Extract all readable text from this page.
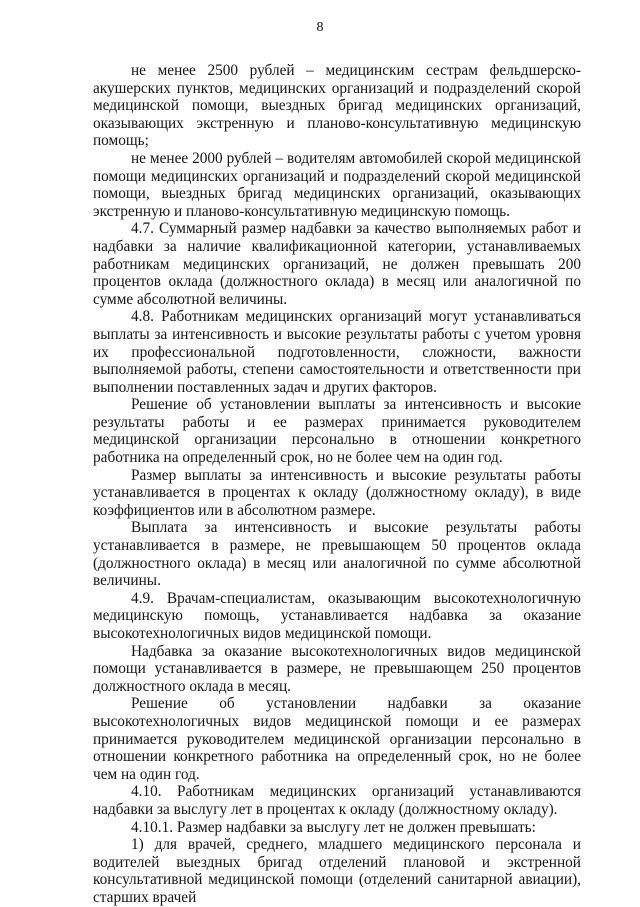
8

не менее 2500 рублей – медицинским сестрам фельдшерско-акушерских пунктов, медицинских организаций и подразделений скорой медицинской помощи, выездных бригад медицинских организаций, оказывающих экстренную и планово-консультативную медицинскую помощь;

не менее 2000 рублей – водителям автомобилей скорой медицинской помощи медицинских организаций и подразделений скорой медицинской помощи, выездных бригад медицинских организаций, оказывающих экстренную и планово-консультативную медицинскую помощь.

4.7. Суммарный размер надбавки за качество выполняемых работ и надбавки за наличие квалификационной категории, устанавливаемых работникам медицинских организаций, не должен превышать 200 процентов оклада (должностного оклада) в месяц или аналогичной по сумме абсолютной величины.

4.8. Работникам медицинских организаций могут устанавливаться выплаты за интенсивность и высокие результаты работы с учетом уровня их профессиональной подготовленности, сложности, важности выполняемой работы, степени самостоятельности и ответственности при выполнении поставленных задач и других факторов.

Решение об установлении выплаты за интенсивность и высокие результаты работы и ее размерах принимается руководителем медицинской организации персонально в отношении конкретного работника на определенный срок, но не более чем на один год.

Размер выплаты за интенсивность и высокие результаты работы устанавливается в процентах к окладу (должностному окладу), в виде коэффициентов или в абсолютном размере.

Выплата за интенсивность и высокие результаты работы устанавливается в размере, не превышающем 50 процентов оклада (должностного оклада) в месяц или аналогичной по сумме абсолютной величины.

4.9. Врачам-специалистам, оказывающим высокотехнологичную медицинскую помощь, устанавливается надбавка за оказание высокотехнологичных видов медицинской помощи.

Надбавка за оказание высокотехнологичных видов медицинской помощи устанавливается в размере, не превышающем 250 процентов должностного оклада в месяц.

Решение об установлении надбавки за оказание высокотехнологичных видов медицинской помощи и ее размерах принимается руководителем медицинской организации персонально в отношении конкретного работника на определенный срок, но не более чем на один год.

4.10. Работникам медицинских организаций устанавливаются надбавки за выслугу лет в процентах к окладу (должностному окладу).

4.10.1. Размер надбавки за выслугу лет не должен превышать:

1) для врачей, среднего, младшего медицинского персонала и водителей выездных бригад отделений плановой и экстренной консультативной медицинской помощи (отделений санитарной авиации), старших врачей
